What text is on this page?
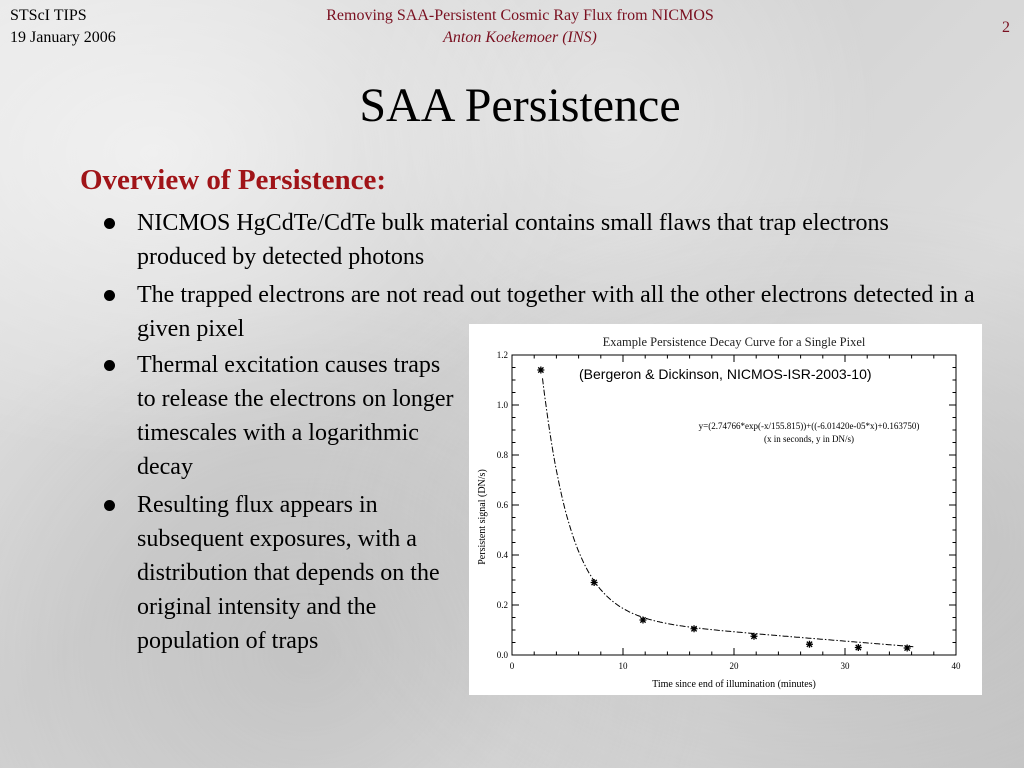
STScI TIPS
19 January 2006
Removing SAA-Persistent Cosmic Ray Flux from NICMOS
Anton Koekemoer (INS)
2
SAA Persistence
Overview of Persistence:
NICMOS HgCdTe/CdTe bulk material contains small flaws that trap electrons produced by detected photons
The trapped electrons are not read out together with all the other electrons detected in a given pixel
Thermal excitation causes traps to release the electrons on longer timescales with a logarithmic decay
Resulting flux appears in subsequent exposures, with a distribution that depends on the original intensity and the population of traps
Example Persistence Decay Curve for a Single Pixel
0	10	20	30	40
0.0
0.2
0.4
0.6
0.8
1.0
1.2
y=(2.74766*exp(-x/155.815))+((-6.01420e-05*x)+0.163750)
(x in seconds, y in DN/s)
Time since end of illumination (minutes)
Persistent signal (DN/s)
(Bergeron & Dickinson, NICMOS-ISR-2003-10)
